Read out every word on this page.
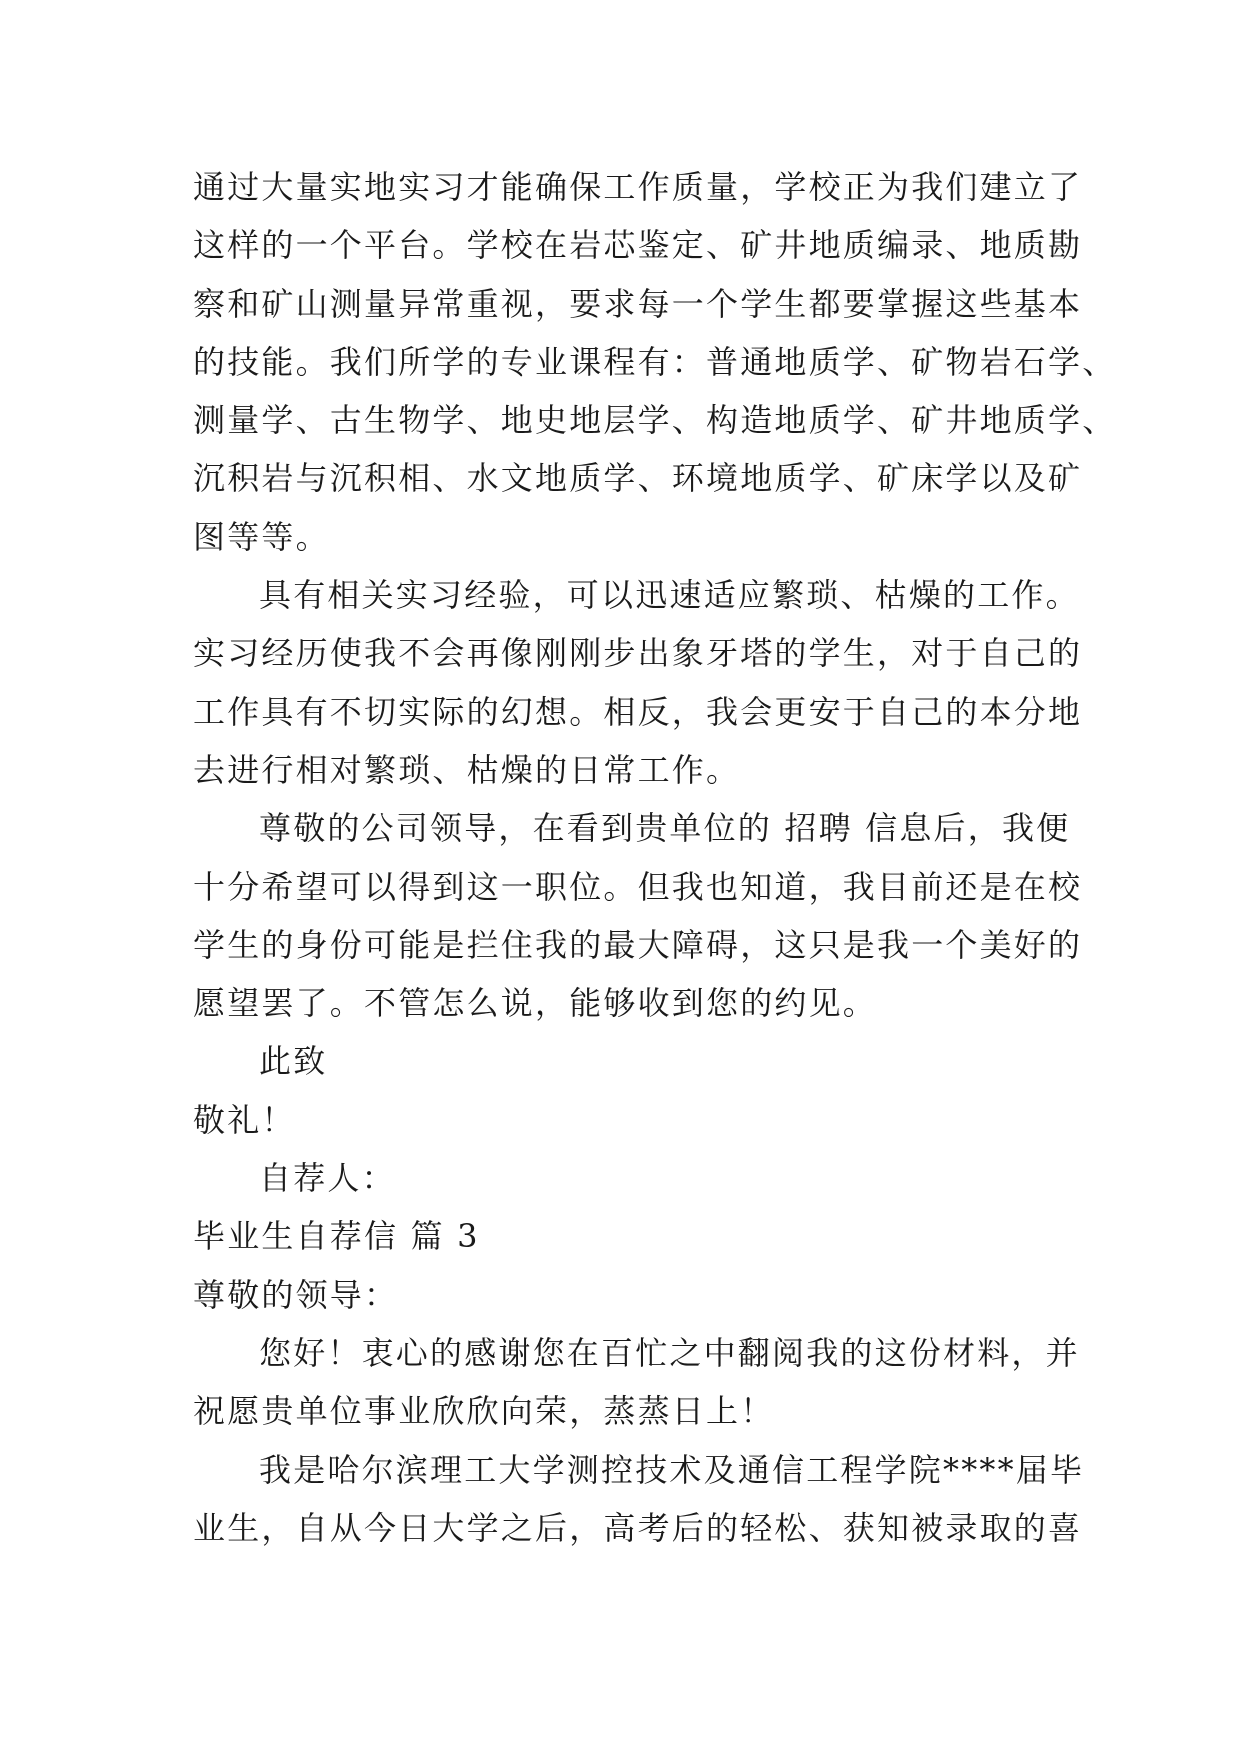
通过大量实地实习才能确保工作质量，学校正为我们建立了
这样的一个平台。学校在岩芯鉴定、矿井地质编录、地质勘
察和矿山测量异常重视，要求每一个学生都要掌握这些基本
的技能。我们所学的专业课程有：普通地质学、矿物岩石学、
测量学、古生物学、地史地层学、构造地质学、矿井地质学、
沉积岩与沉积相、水文地质学、环境地质学、矿床学以及矿
图等等。
具有相关实习经验，可以迅速适应繁琐、枯燥的工作。
实习经历使我不会再像刚刚步出象牙塔的学生，对于自己的
工作具有不切实际的幻想。相反，我会更安于自己的本分地
去进行相对繁琐、枯燥的日常工作。
尊敬的公司领导，在看到贵单位的 招聘 信息后，我便
十分希望可以得到这一职位。但我也知道，我目前还是在校
学生的身份可能是拦住我的最大障碍，这只是我一个美好的
愿望罢了。不管怎么说，能够收到您的约见。
此致
敬礼！
自荐人：
毕业生自荐信 篇 3
尊敬的领导：
您好！衷心的感谢您在百忙之中翻阅我的这份材料，并
祝愿贵单位事业欣欣向荣，蒸蒸日上！
我是哈尔滨理工大学测控技术及通信工程学院****届毕
业生，自从今日大学之后，高考后的轻松、获知被录取的喜
